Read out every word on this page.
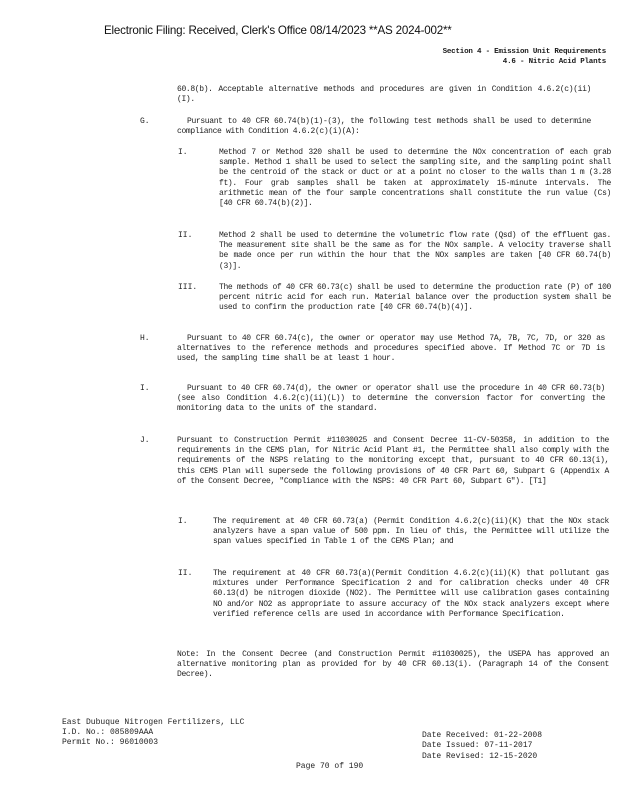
Electronic Filing: Received, Clerk's Office 08/14/2023 **AS 2024-002**
Section 4 - Emission Unit Requirements
4.6 - Nitric Acid Plants
60.8(b). Acceptable alternative methods and procedures are given in Condition 4.6.2(c)(ii)(I).
G.	Pursuant to 40 CFR 60.74(b)(1)-(3), the following test methods shall be used to determine compliance with Condition 4.6.2(c)(i)(A):
I.	Method 7 or Method 320 shall be used to determine the NOx concentration of each grab sample. Method 1 shall be used to select the sampling site, and the sampling point shall be the centroid of the stack or duct or at a point no closer to the walls than 1 m (3.28 ft). Four grab samples shall be taken at approximately 15-minute intervals. The arithmetic mean of the four sample concentrations shall constitute the run value (Cs) [40 CFR 60.74(b)(2)].
II.	Method 2 shall be used to determine the volumetric flow rate (Qsd) of the effluent gas. The measurement site shall be the same as for the NOx sample. A velocity traverse shall be made once per run within the hour that the NOx samples are taken [40 CFR 60.74(b)(3)].
III.	The methods of 40 CFR 60.73(c) shall be used to determine the production rate (P) of 100 percent nitric acid for each run. Material balance over the production system shall be used to confirm the production rate [40 CFR 60.74(b)(4)].
H.	Pursuant to 40 CFR 60.74(c), the owner or operator may use Method 7A, 7B, 7C, 7D, or 320 as alternatives to the reference methods and procedures specified above. If Method 7C or 7D is used, the sampling time shall be at least 1 hour.
I.	Pursuant to 40 CFR 60.74(d), the owner or operator shall use the procedure in 40 CFR 60.73(b) (see also Condition 4.6.2(c)(ii)(L)) to determine the conversion factor for converting the monitoring data to the units of the standard.
J.	Pursuant to Construction Permit #11030025 and Consent Decree 11-CV-50358, in addition to the requirements in the CEMS plan, for Nitric Acid Plant #1, the Permittee shall also comply with the requirements of the NSPS relating to the monitoring except that, pursuant to 40 CFR 60.13(i), this CEMS Plan will supersede the following provisions of 40 CFR Part 60, Subpart G (Appendix A of the Consent Decree, "Compliance with the NSPS: 40 CFR Part 60, Subpart G"). [T1]
I.	The requirement at 40 CFR 60.73(a) (Permit Condition 4.6.2(c)(ii)(K) that the NOx stack analyzers have a span value of 500 ppm. In lieu of this, the Permittee will utilize the span values specified in Table 1 of the CEMS Plan; and
II.	The requirement at 40 CFR 60.73(a)(Permit Condition 4.6.2(c)(ii)(K) that pollutant gas mixtures under Performance Specification 2 and for calibration checks under 40 CFR 60.13(d) be nitrogen dioxide (NO2). The Permittee will use calibration gases containing NO and/or NO2 as appropriate to assure accuracy of the NOx stack analyzers except where verified reference cells are used in accordance with Performance Specification.
Note: In the Consent Decree (and Construction Permit #11030025), the USEPA has approved an alternative monitoring plan as provided for by 40 CFR 60.13(i). (Paragraph 14 of the Consent Decree).
East Dubuque Nitrogen Fertilizers, LLC
I.D. No.: 085809AAA
Permit No.: 96010003
Date Received: 01-22-2008
Date Issued: 07-11-2017
Date Revised: 12-15-2020
Page 70 of 190
